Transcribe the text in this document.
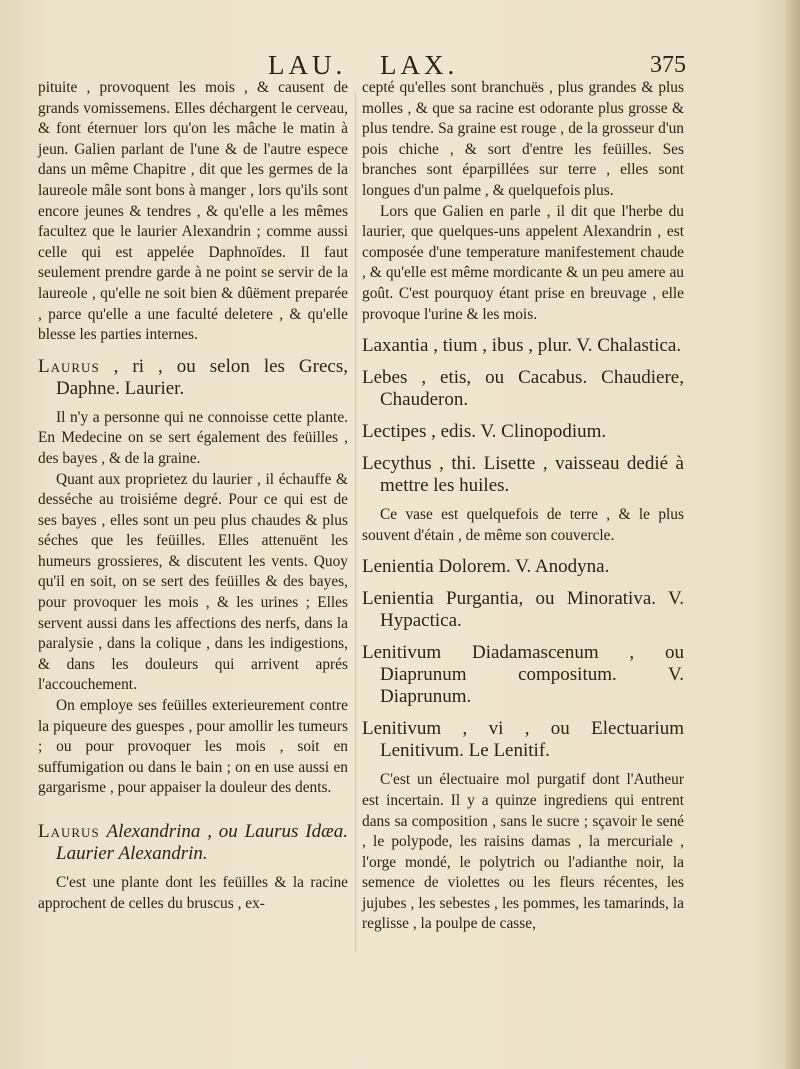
LAU. LAX.	375

pituite , provoquent les mois , & causent de grands vomissemens. Elles déchargent le cerveau, & font éternuer lors qu'on les mâche le matin à jeun. Galien parlant de l'une & de l'autre espece dans un même Chapitre , dit que les germes de la laureole mâle sont bons à manger , lors qu'ils sont encore jeunes & tendres , & qu'elle a les mêmes facultez que le laurier Alexandrin ; comme aussi celle qui est appelée Daphnoïdes. Il faut seulement prendre garde à ne point se servir de la laureole , qu'elle ne soit bien & dûëment preparée , parce qu'elle a une faculté deletere , & qu'elle blesse les parties internes.

Laurus , ri , ou selon les Grecs, Daphne. Laurier.

Il n'y a personne qui ne connoisse cette plante. En Medecine on se sert également des feüilles , des bayes , & de la graine.

Quant aux proprietez du laurier , il échauffe & desséche au troisiéme degré. Pour ce qui est de ses bayes , elles sont un peu plus chaudes & plus séches que les feüilles. Elles attenuënt les humeurs grossieres, & discutent les vents. Quoy qu'il en soit, on se sert des feüilles & des bayes, pour provoquer les mois , & les urines ; Elles servent aussi dans les affections des nerfs, dans la paralysie , dans la colique , dans les indigestions, & dans les douleurs qui arrivent aprés l'accouchement.

On employe ses feüilles exterieurement contre la piqueure des guespes , pour amollir les tumeurs ; ou pour provoquer les mois , soit en suffumigation ou dans le bain ; on en use aussi en gargarisme , pour appaiser la douleur des dents.

Laurus Alexandrina , ou Laurus Idæa. Laurier Alexandrin.

C'est une plante dont les feüilles & la racine approchent de celles du bruscus , ex-

cepté qu'elles sont branchuës , plus grandes & plus molles , & que sa racine est odorante plus grosse & plus tendre. Sa graine est rouge , de la grosseur d'un pois chiche , & sort d'entre les feüilles. Ses branches sont éparpillées sur terre , elles sont longues d'un palme , & quelquefois plus.

Lors que Galien en parle , il dit que l'herbe du laurier, que quelques-uns appelent Alexandrin , est composée d'une temperature manifestement chaude , & qu'elle est même mordicante & un peu amere au goût. C'est pourquoy étant prise en breuvage , elle provoque l'urine & les mois.

Laxantia , tium , ibus , plur. V. Chalastica.

Lebes , etis, ou Cacabus. Chaudiere, Chauderon.

Lectipes , edis. V. Clinopodium.

Lecythus , thi. Lisette , vaisseau dedié à mettre les huiles.

Ce vase est quelquefois de terre , & le plus souvent d'étain , de même son couvercle.

Lenientia Dolorem. V. Anodyna.

Lenientia Purgantia, ou Minorativa. V. Hypactica.

Lenitivum Diadamascenum , ou Diaprunum compositum. V. Diaprunum.

Lenitivum , vi , ou Electuarium Lenitivum. Le Lenitif.

C'est un électuaire mol purgatif dont l'Autheur est incertain. Il y a quinze ingrediens qui entrent dans sa composition , sans le sucre ; sçavoir le sené , le polypode, les raisins damas , la mercuriale , l'orge mondé, le polytrich ou l'adianthe noir, la semence de violettes ou les fleurs récentes, les jujubes , les sebestes , les pommes, les tamarinds, la reglisse , la poulpe de casse,
